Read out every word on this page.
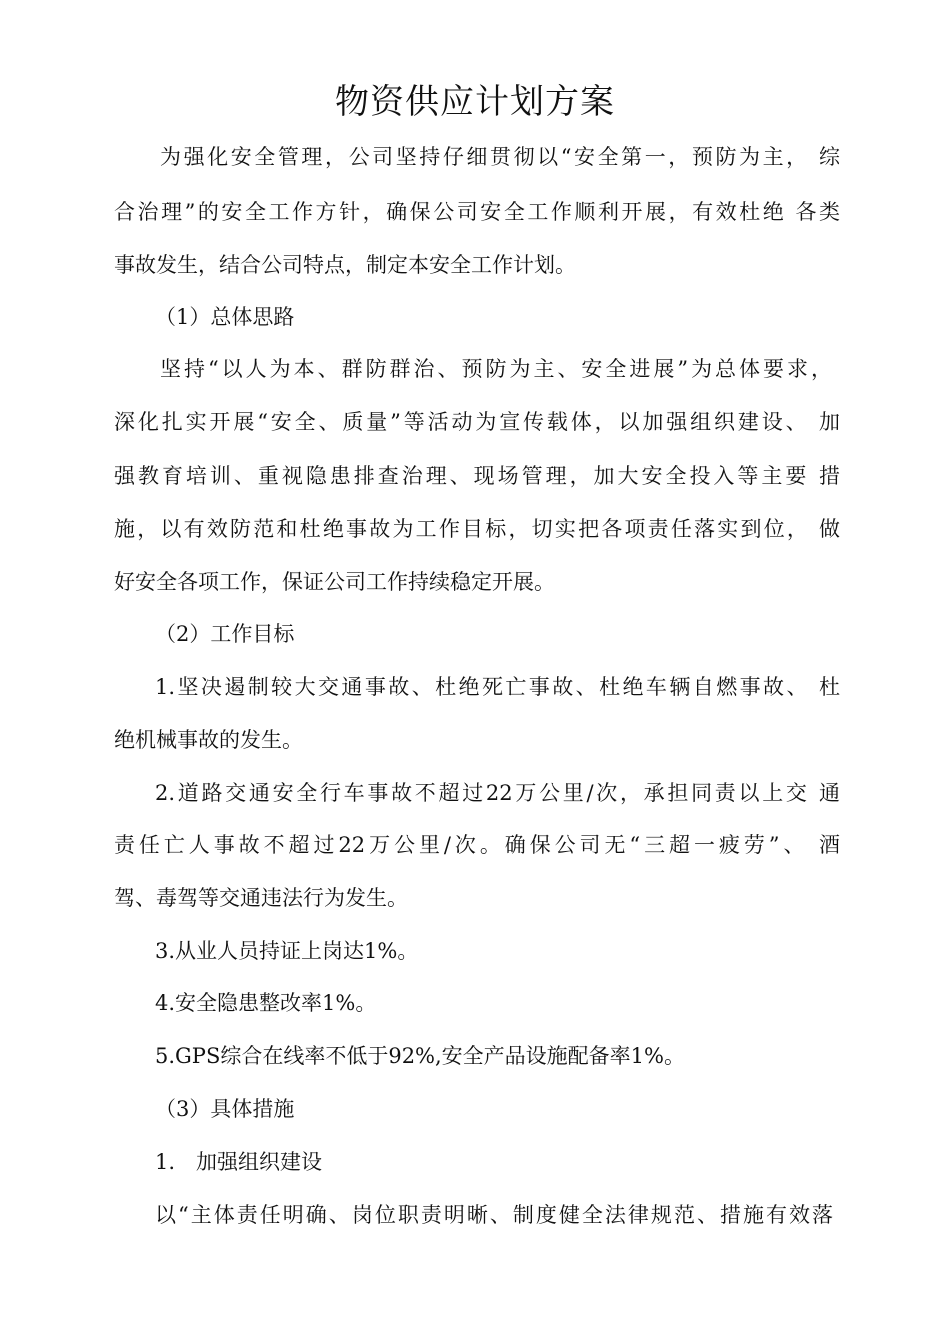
物资供应计划方案
为强化安全管理，公司坚持仔细贯彻以“安全第一，预防为主， 综
合治理”的安全工作方针，确保公司安全工作顺利开展，有效杜绝 各类
事故发生，结合公司特点，制定本安全工作计划。
（1）总体思路
坚持“以人为本、群防群治、预防为主、安全进展”为总体要求，
深化扎实开展“安全、质量”等活动为宣传载体，以加强组织建设、 加
强教育培训、重视隐患排查治理、现场管理，加大安全投入等主要 措
施，以有效防范和杜绝事故为工作目标，切实把各项责任落实到位， 做
好安全各项工作，保证公司工作持续稳定开展。
（2）工作目标
1.坚决遏制较大交通事故、杜绝死亡事故、杜绝车辆自燃事故、 杜
绝机械事故的发生。
2.道路交通安全行车事故不超过22万公里/次，承担同责以上交 通
责任亡人事故不超过22万公里/次。确保公司无“三超一疲劳”、 酒
驾、毒驾等交通违法行为发生。
3.从业人员持证上岗达1%。
4.安全隐患整改率1%。
5.GPS综合在线率不低于92%,安全产品设施配备率1%。
（3）具体措施
1.　加强组织建设
以“主体责任明确、岗位职责明晰、制度健全法律规范、措施有效落
